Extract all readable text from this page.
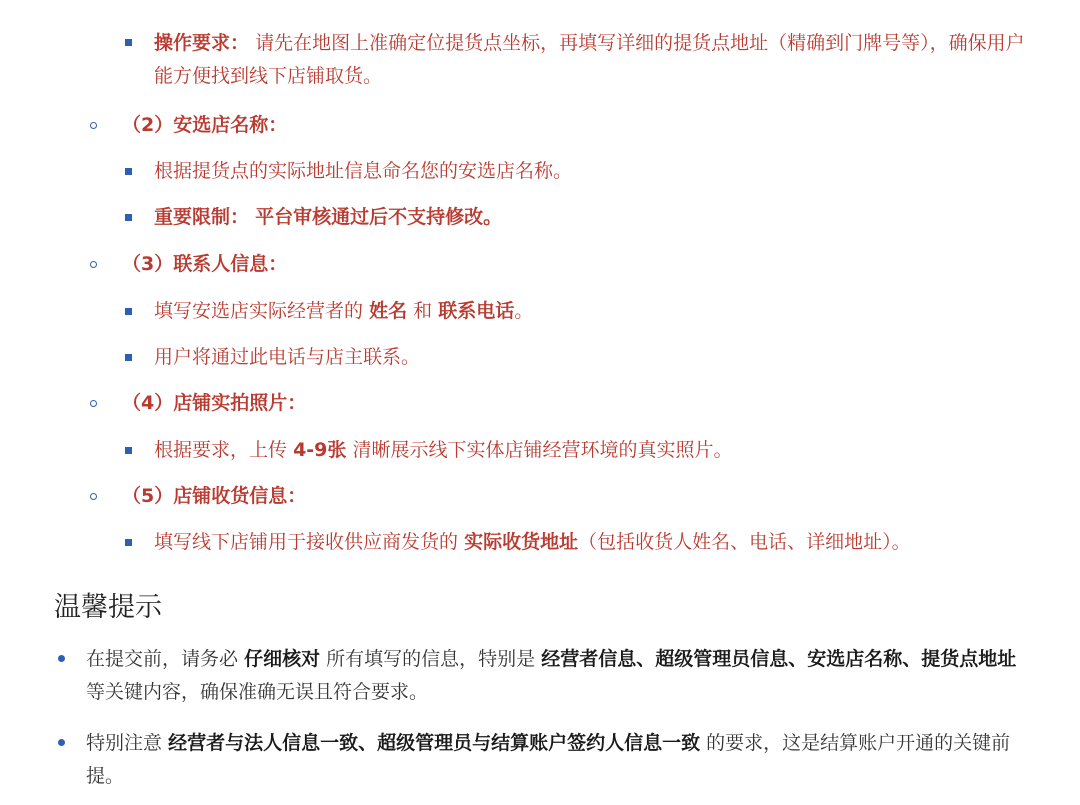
操作要求： 请先在地图上准确定位提货点坐标，再填写详细的提货点地址（精确到门牌号等），确保用户能方便找到线下店铺取货。
（2）安选店名称：
根据提货点的实际地址信息命名您的安选店名称。
重要限制： 平台审核通过后不支持修改。
（3）联系人信息：
填写安选店实际经营者的 姓名 和 联系电话。
用户将通过此电话与店主联系。
（4）店铺实拍照片：
根据要求，上传 4-9张 清晰展示线下实体店铺经营环境的真实照片。
（5）店铺收货信息：
填写线下店铺用于接收供应商发货的 实际收货地址（包括收货人姓名、电话、详细地址）。
温馨提示
在提交前，请务必 仔细核对 所有填写的信息，特别是 经营者信息、超级管理员信息、安选店名称、提货点地址 等关键内容，确保准确无误且符合要求。
特别注意 经营者与法人信息一致、超级管理员与结算账户签约人信息一致 的要求，这是结算账户开通的关键前提。
